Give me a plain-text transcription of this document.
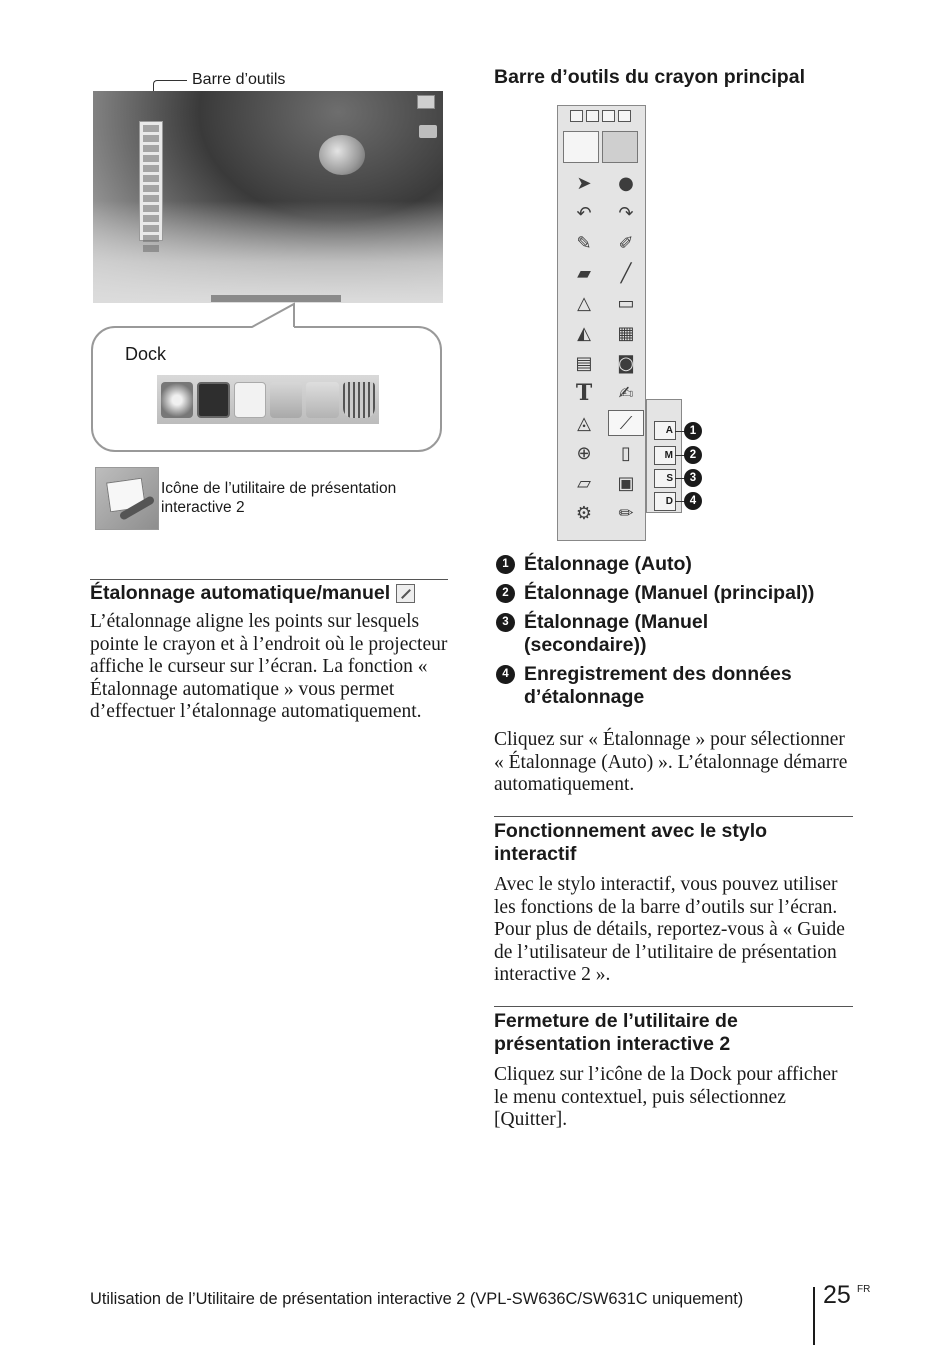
Barre d’outils
Dock
Icône de l’utilitaire de présentation interactive 2
Étalonnage automatique/manuel
L’étalonnage aligne les points sur lesquels pointe le crayon et à l’endroit où le projecteur affiche le curseur sur l’écran. La fonction « Étalonnage automatique » vous permet d’effectuer l’étalonnage automatiquement.
Barre d’outils du crayon principal
➤	●
↶	↷
✎	✐
▰	╱
△	▭
◭	▦
▤	◙
T	✍
◬	⟋
⊕	▯
▱	▣
⚙	✏
A
M
S
D
1
2
3
4
1 Étalonnage (Auto)
2 Étalonnage (Manuel (principal))
3 Étalonnage (Manuel (secondaire))
4 Enregistrement des données d’étalonnage
Cliquez sur « Étalonnage » pour sélectionner « Étalonnage (Auto) ». L’étalonnage démarre automatiquement.
Fonctionnement avec le stylo interactif
Avec le stylo interactif, vous pouvez utiliser les fonctions de la barre d’outils sur l’écran. Pour plus de détails, reportez-vous à « Guide de l’utilisateur de l’utilitaire de présentation interactive 2 ».
Fermeture de l’utilitaire de présentation interactive 2
Cliquez sur l’icône de la Dock pour afficher le menu contextuel, puis sélectionnez [Quitter].
Utilisation de l’Utilitaire de présentation interactive 2 (VPL-SW636C/SW631C uniquement)	25 FR
